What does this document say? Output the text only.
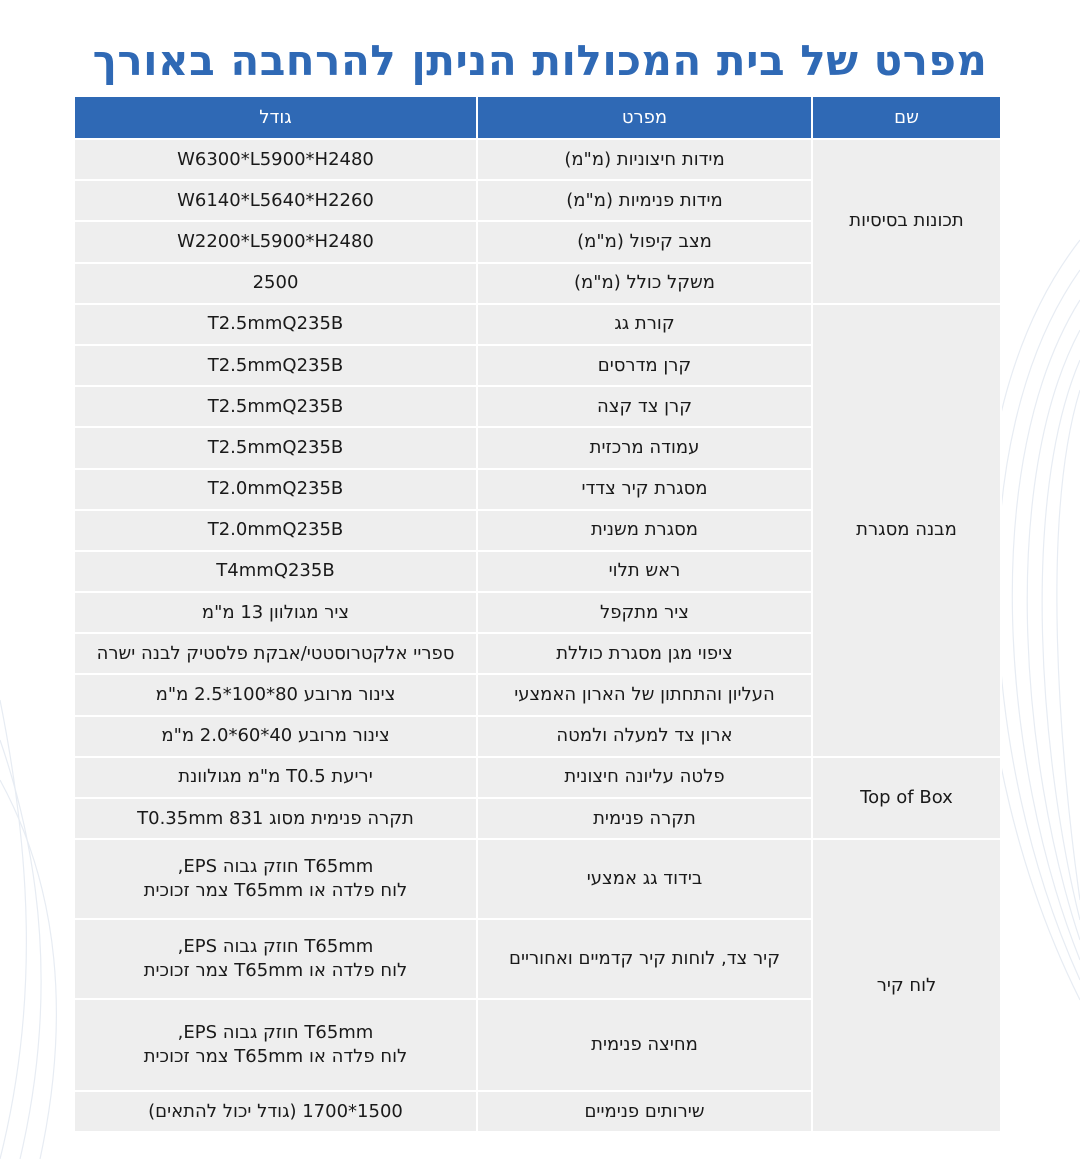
מפרט של בית המכולות הניתן להרחבה באורך
שם	מפרט	גודל
תכונות בסיסיות	מידות חיצוניות (מ"מ)	W6300*L5900*H2480

	מידות פנימיות (מ"מ)	W6140*L5640*H2260

	מצב קיפול (מ"מ)	W2200*L5900*H2480

	משקל כולל (מ"מ)	2500

מבנה מסגרת	קורת גג	T2.5mmQ235B

	קרן מדרסים	T2.5mmQ235B

	קרן צד קצה	T2.5mmQ235B

	עמודה מרכזית	T2.5mmQ235B

	מסגרת קיר צדדי	T2.0mmQ235B

	מסגרת משנית	T2.0mmQ235B

	ראש תלוי	T4mmQ235B

	ציר מתקפל	ציר מגולוון 13 מ"מ

	ציפוי מגן מסגרת כוללת	ספריי אלקטרוסטטי/אבקת פלסטיק לבנה ישרה

	העליון והתחתון של הארון האמצעי	צינור מרובע 80*100*2.5 מ"מ

	ארון צד למעלה ולמטה	צינור מרובע 40*60*2.0 מ"מ

Top of Box	פלטה עליונה חיצונית	יריעת T0.5 מ"מ מגולוונת

	תקרה פנימית	תקרה פנימית מסוג 831 T0.35mm

לוח קיר	בידוד גג אמצעי	T65mm חוזק גבוה EPS,
לוח פלדה או T65mm צמר זכוכית

	קיר צד, לוחות קיר קדמיים ואחוריים	T65mm חוזק גבוה EPS,
לוח פלדה או T65mm צמר זכוכית

	מחיצה פנימית	T65mm חוזק גבוה EPS,
לוח פלדה או T65mm צמר זכוכית

	שירותים פנימיים	1500*1700 (גודל יכול להתאים)
